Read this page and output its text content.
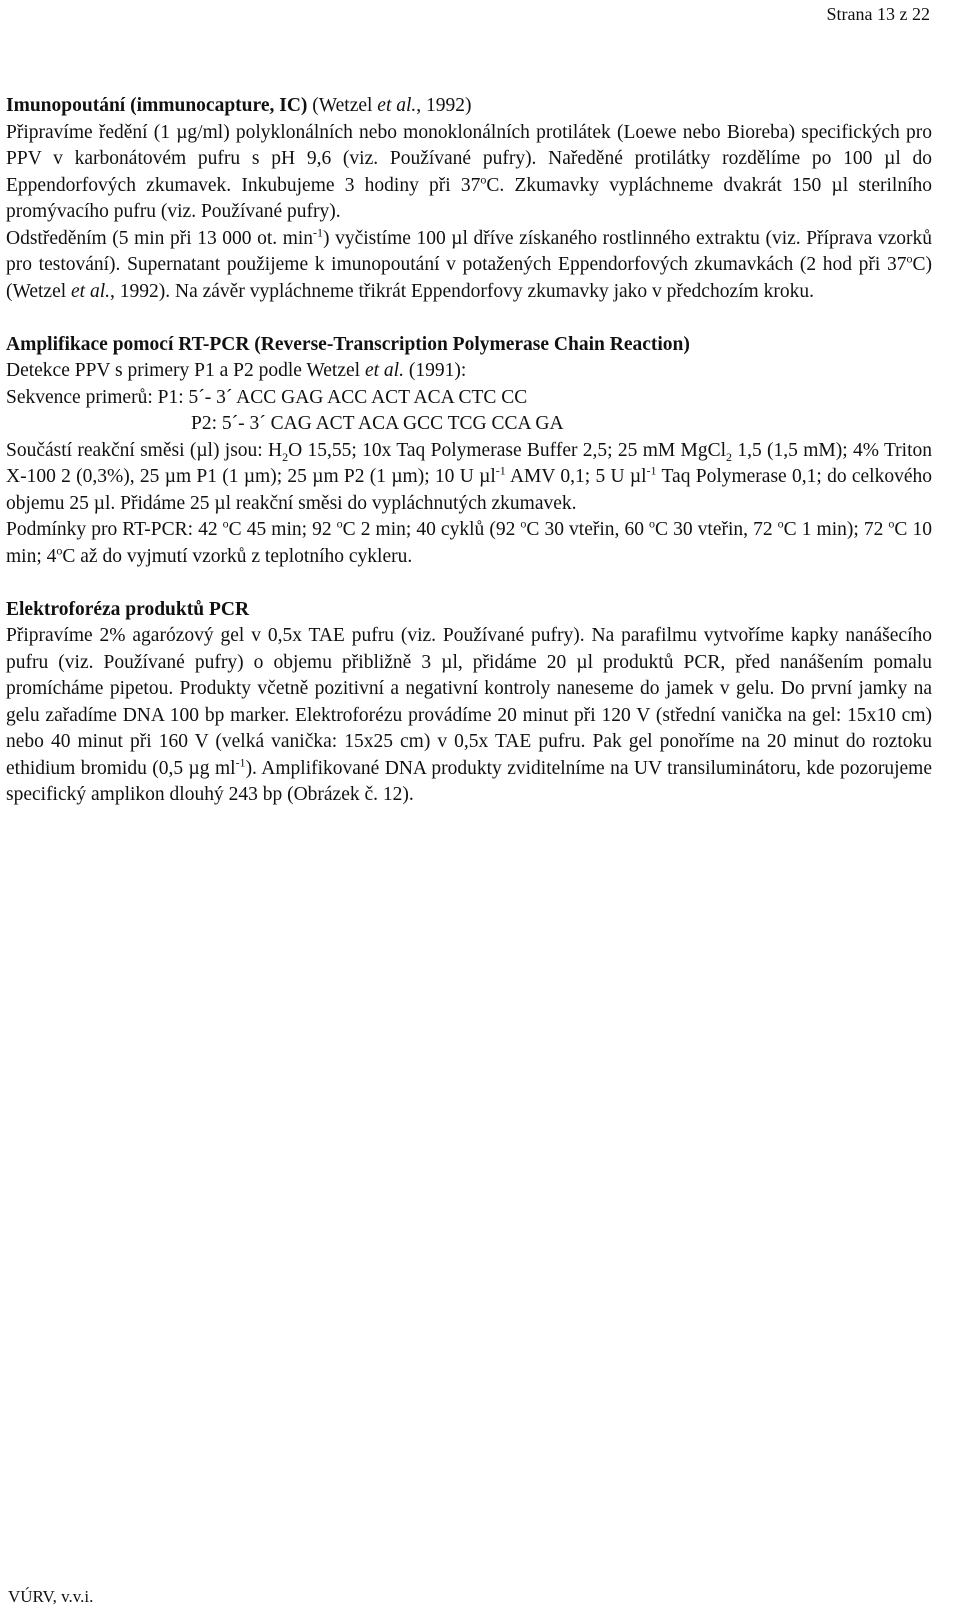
Strana 13 z 22

Imunopoutání (immunocapture, IC) (Wetzel et al., 1992)

Připravíme ředění (1 µg/ml) polyklonálních nebo monoklonálních protilátek (Loewe nebo Bioreba) specifických pro PPV v karbonátovém pufru s pH 9,6 (viz. Používané pufry). Naředěné protilátky rozdělíme po 100 µl do Eppendorfových zkumavek. Inkubujeme 3 hodiny při 37$^o$C. Zkumavky vypláchneme dvakrát 150 µl sterilního promývacího pufru (viz. Používané pufry).

Odstředěním (5 min při 13 000 ot. $\min^{-1}$) vyčistíme 100 µl dříve získaného rostlinného extraktu (viz. Příprava vzorků pro testování). Supernatant použijeme k imunopoutání v potažených Eppendorfových zkumavkách (2 hod při 37$^o$C) (Wetzel et al., 1992). Na závěr vypláchneme třikrát Eppendorfovy zkumavky jako v předchozím kroku.

Amplifikace pomocí RT-PCR (Reverse-Transcription Polymerase Chain Reaction)

Detekce PPV s primery P1 a P2 podle Wetzel et al. (1991):

Sekvence primerů: P1: 5´- 3´ ACC GAG ACC ACT ACA CTC CC

P2: 5´- 3´ CAG ACT ACA GCC TCG CCA GA

Součástí reakční směsi (µl) jsou: $H_2O$ 15,55; 10x Taq Polymerase Buffer 2,5; 25 mM MgCl$_2$ 1,5 (1,5 mM); 4% Triton X-100 2 (0,3%), 25 µm P1 (1 µm); 25 µm P2 (1 µm); 10 U µl$^{-1}$ AMV 0,1; 5 U µl$^{-1}$ Taq Polymerase 0,1; do celkového objemu 25 µl. Přidáme 25 µl reakční směsi do vypláchnutých zkumavek.

Podmínky pro RT-PCR: 42 $^o$C 45 min; 92 $^o$C 2 min; 40 cyklů (92 $^o$C 30 vteřin, 60 $^o$C 30 vteřin, 72 $^o$C 1 min); 72 $^o$C 10 min; 4$^o$C až do vyjmutí vzorků z teplotního cykleru.

Elektroforéza produktů PCR

Připravíme 2% agarózový gel v 0,5x TAE pufru (viz. Používané pufry). Na parafilmu vytvoříme kapky nanášecího pufru (viz. Používané pufry) o objemu přibližně 3 µl, přidáme 20 µl produktů PCR, před nanášením pomalu promícháme pipetou. Produkty včetně pozitivní a negativní kontroly naneseme do jamek v gelu. Do první jamky na gelu zařadíme DNA 100 bp marker. Elektroforézu provádíme 20 minut při 120 V (střední vanička na gel: 15x10 cm) nebo 40 minut při 160 V (velká vanička: 15x25 cm) v 0,5x TAE pufru. Pak gel ponoříme na 20 minut do roztoku ethidium bromidu (0,5 µg $ml^{-1}$). Amplifikované DNA produkty zviditelníme na UV transiluminátoru, kde pozorujeme specifický amplikon dlouhý 243 bp (Obrázek č. 12).

VÚRV, v.v.i.
